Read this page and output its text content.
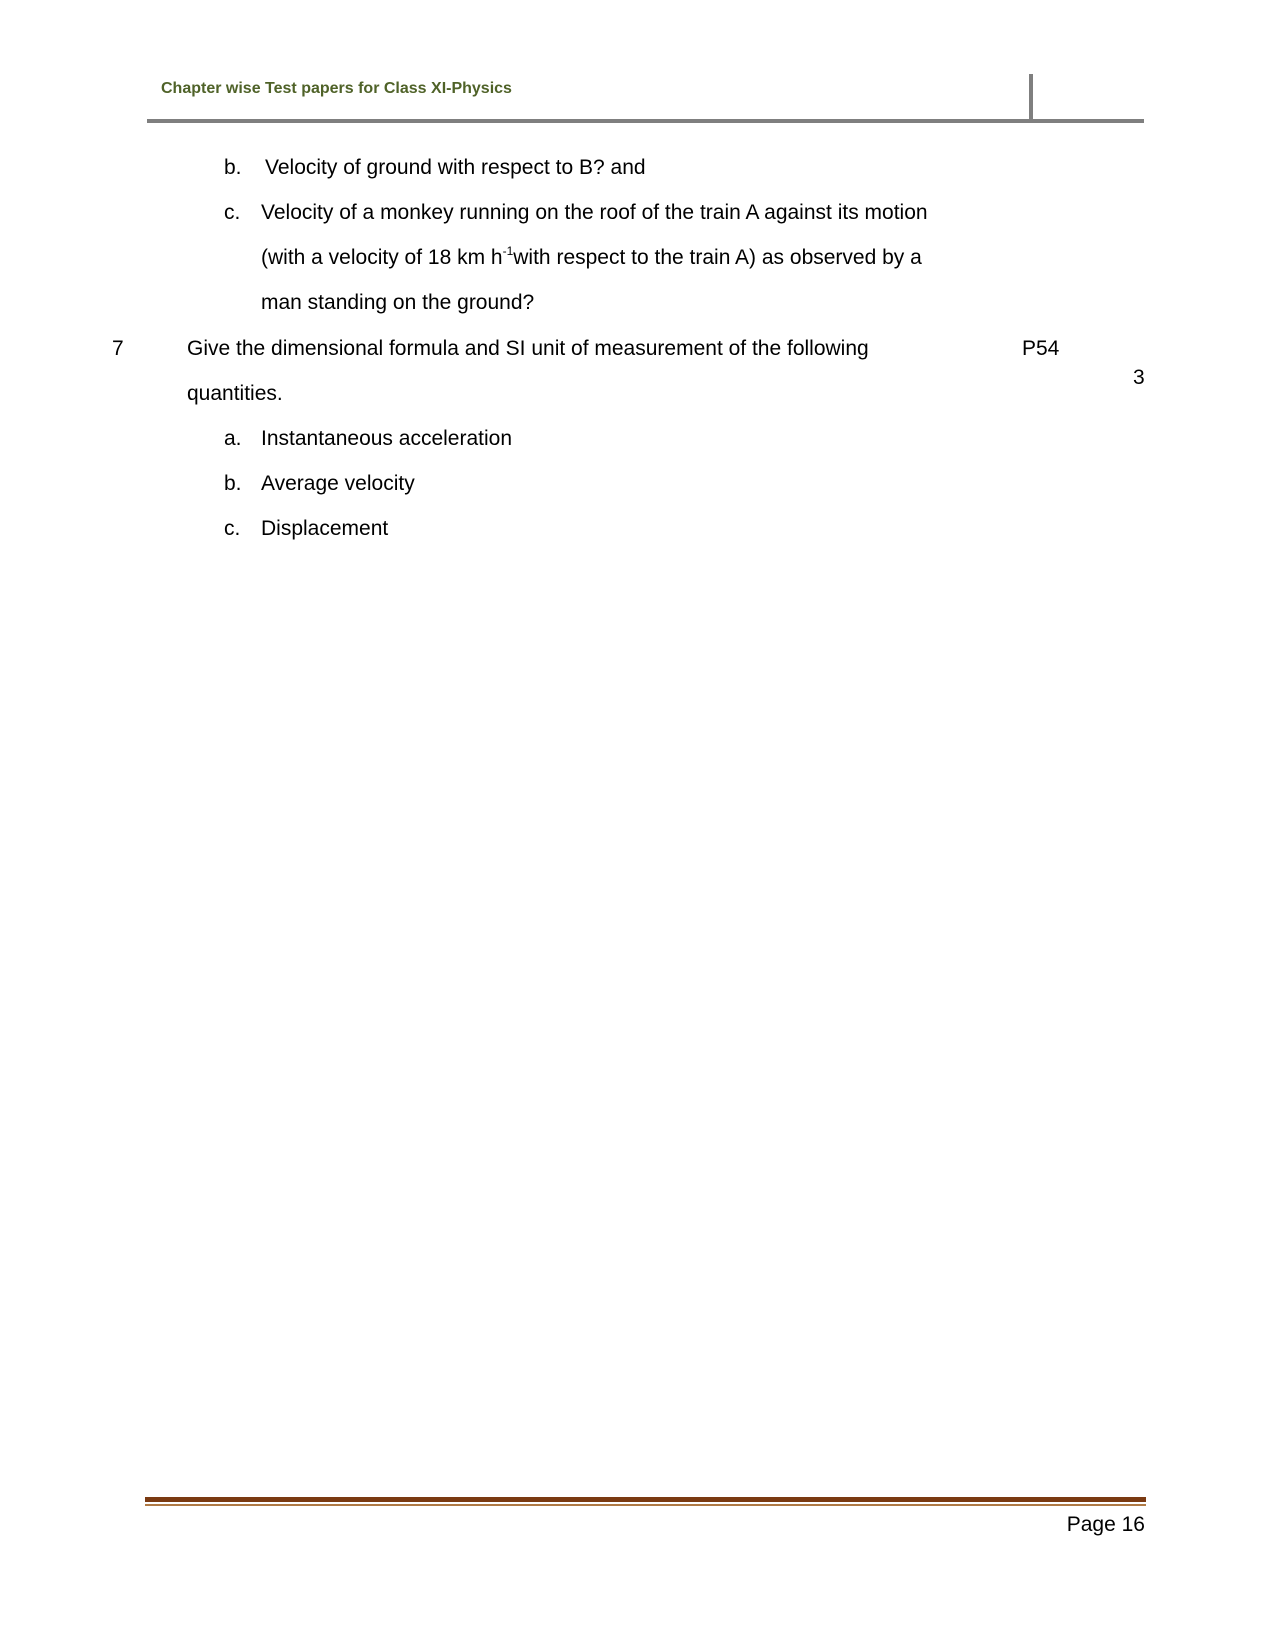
Chapter wise Test papers for Class XI-Physics
b. Velocity of ground with respect to B? and
c. Velocity of a monkey running on the roof of the train A against its motion
(with a velocity of 18 km $h^{-1}with$ respect to the train A) as observed by a
man standing on the ground?
7	Give the dimensional formula and SI unit of measurement of the following	P54
3
quantities.
a. Instantaneous acceleration
b. Average velocity
c. Displacement
Page 16
